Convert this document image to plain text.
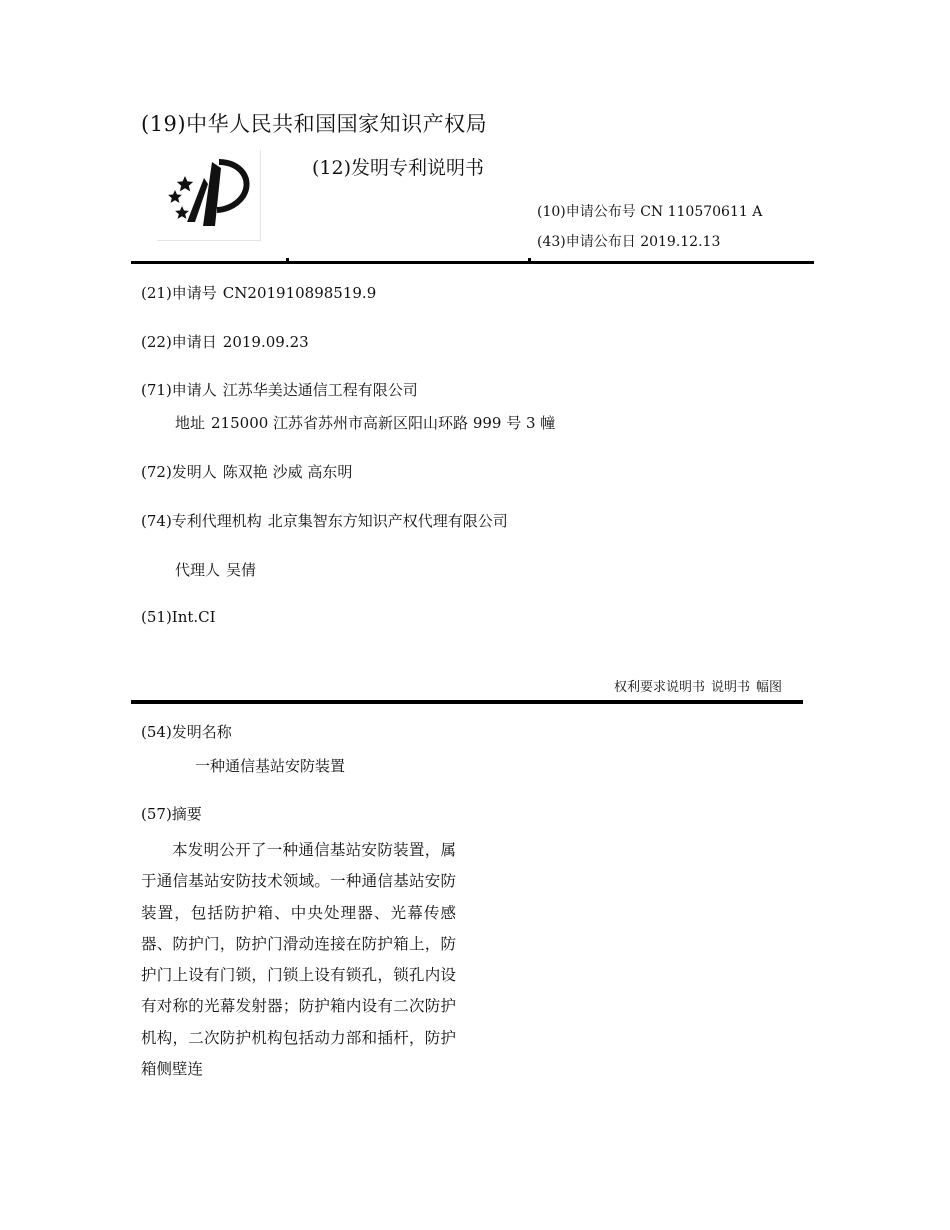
(19)中华人民共和国国家知识产权局
(12)发明专利说明书
(10)申请公布号 CN 110570611 A
(43)申请公布日 2019.12.13
(21)申请号 CN201910898519.9
(22)申请日 2019.09.23
(71)申请人 江苏华美达通信工程有限公司
地址 215000 江苏省苏州市高新区阳山环路 999 号 3 幢
(72)发明人 陈双艳 沙威 高东明
(74)专利代理机构 北京集智东方知识产权代理有限公司
代理人 吴倩
(51)Int.CI
权利要求说明书 说明书 幅图
(54)发明名称
一种通信基站安防装置
(57)摘要

本发明公开了一种通信基站安防装置，属于通信基站安防技术领域。一种通信基站安防装置，包括防护箱、中央处理器、光幕传感器、防护门，防护门滑动连接在防护箱上，防护门上设有门锁，门锁上设有锁孔，锁孔内设有对称的光幕发射器；防护箱内设有二次防护机构，二次防护机构包括动力部和插杆，防护箱侧壁连
